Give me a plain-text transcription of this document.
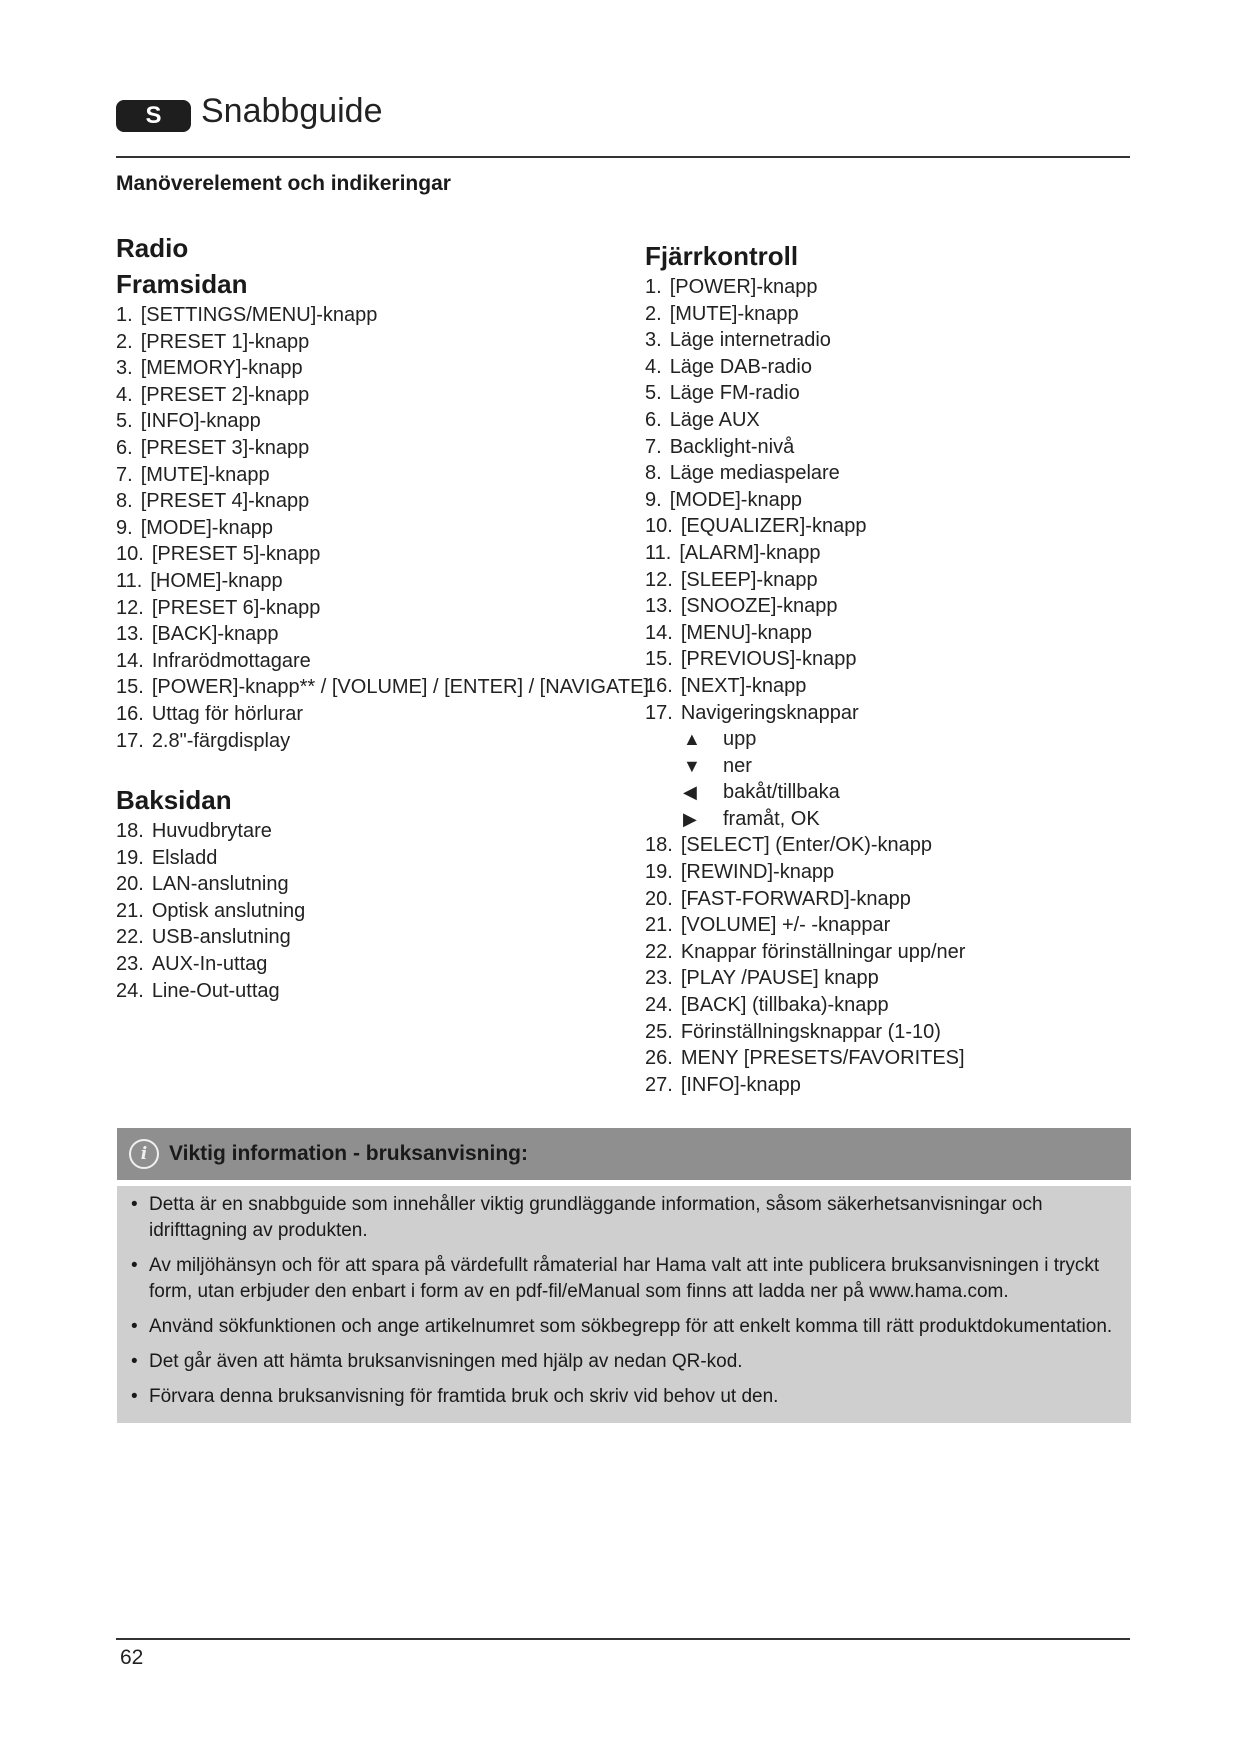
S	Snabbguide
Manöverelement och indikeringar
Radio
Framsidan
1. [SETTINGS/MENU]-knapp
2. [PRESET 1]-knapp
3. [MEMORY]-knapp
4. [PRESET 2]-knapp
5. [INFO]-knapp
6. [PRESET 3]-knapp
7. [MUTE]-knapp
8. [PRESET 4]-knapp
9. [MODE]-knapp
10. [PRESET 5]-knapp
11. [HOME]-knapp
12. [PRESET 6]-knapp
13. [BACK]-knapp
14. Infrarödmottagare
15. [POWER]-knapp** / [VOLUME] / [ENTER] / [NAVIGATE]
16. Uttag för hörlurar
17. 2.8"-färgdisplay
Baksidan
18. Huvudbrytare
19. Elsladd
20. LAN-anslutning
21. Optisk anslutning
22. USB-anslutning
23. AUX-In-uttag
24. Line-Out-uttag
Fjärrkontroll
1. [POWER]-knapp
2. [MUTE]-knapp
3. Läge internetradio
4. Läge DAB-radio
5. Läge FM-radio
6. Läge AUX
7. Backlight-nivå
8. Läge mediaspelare
9. [MODE]-knapp
10. [EQUALIZER]-knapp
11. [ALARM]-knapp
12. [SLEEP]-knapp
13. [SNOOZE]-knapp
14. [MENU]-knapp
15. [PREVIOUS]-knapp
16. [NEXT]-knapp
17. Navigeringsknappar
▲ upp
▼ ner
◀ bakåt/tillbaka
▶ framåt, OK
18. [SELECT] (Enter/OK)-knapp
19. [REWIND]-knapp
20. [FAST-FORWARD]-knapp
21. [VOLUME] +/- -knappar
22. Knappar förinställningar upp/ner
23. [PLAY /PAUSE] knapp
24. [BACK] (tillbaka)-knapp
25. Förinställningsknappar (1-10)
26. MENY [PRESETS/FAVORITES]
27. [INFO]-knapp
i	Viktig information - bruksanvisning:
• Detta är en snabbguide som innehåller viktig grundläggande information, såsom säkerhetsanvisningar och idrifttagning av produkten.
• Av miljöhänsyn och för att spara på värdefullt råmaterial har Hama valt att inte publicera bruksanvisningen i tryckt form, utan erbjuder den enbart i form av en pdf-fil/eManual som finns att ladda ner på www.hama.com.
• Använd sökfunktionen och ange artikelnumret som sökbegrepp för att enkelt komma till rätt produktdokumentation.
• Det går även att hämta bruksanvisningen med hjälp av nedan QR-kod.
• Förvara denna bruksanvisning för framtida bruk och skriv vid behov ut den.
62
